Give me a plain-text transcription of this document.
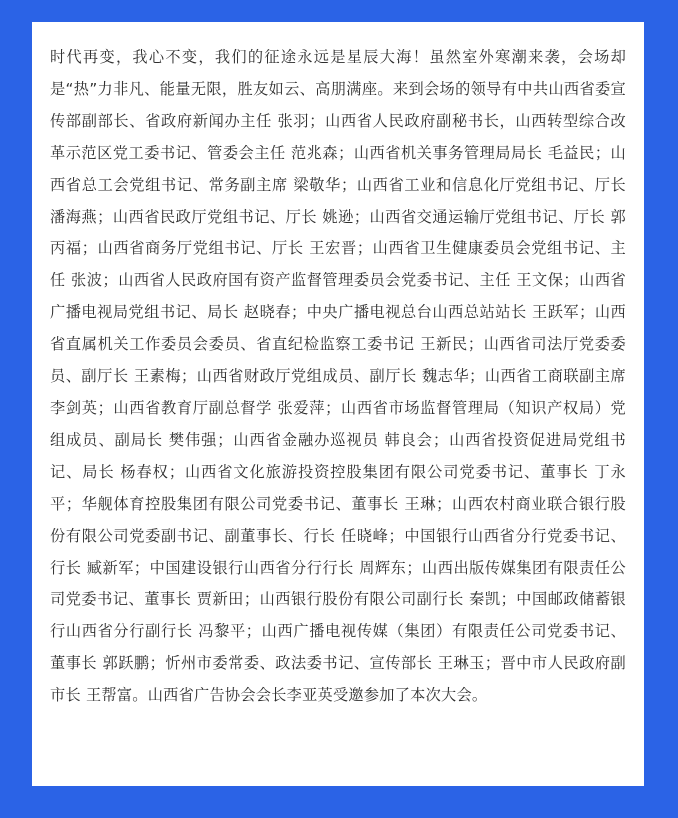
时代再变，我心不变，我们的征途永远是星辰大海！虽然室外寒潮来袭，会场却是“热”力非凡、能量无限，胜友如云、高朋满座。来到会场的领导有中共山西省委宣传部副部长、省政府新闻办主任 张羽；山西省人民政府副秘书长，山西转型综合改革示范区党工委书记、管委会主任 范兆森；山西省机关事务管理局局长 毛益民；山西省总工会党组书记、常务副主席 梁敬华；山西省工业和信息化厅党组书记、厅长 潘海燕；山西省民政厅党组书记、厅长 姚逊；山西省交通运输厅党组书记、厅长 郭丙福；山西省商务厅党组书记、厅长 王宏晋；山西省卫生健康委员会党组书记、主任 张波；山西省人民政府国有资产监督管理委员会党委书记、主任 王文保；山西省广播电视局党组书记、局长 赵晓春；中央广播电视总台山西总站站长 王跃军；山西省直属机关工作委员会委员、省直纪检监察工委书记 王新民；山西省司法厅党委委员、副厅长 王素梅；山西省财政厅党组成员、副厅长 魏志华；山西省工商联副主席 李剑英；山西省教育厅副总督学 张爱萍；山西省市场监督管理局（知识产权局）党组成员、副局长 樊伟强；山西省金融办巡视员 韩良会；山西省投资促进局党组书记、局长 杨春权；山西省文化旅游投资控股集团有限公司党委书记、董事长 丁永平；华舰体育控股集团有限公司党委书记、董事长 王琳；山西农村商业联合银行股份有限公司党委副书记、副董事长、行长 任晓峰；中国银行山西省分行党委书记、行长 臧新军；中国建设银行山西省分行行长 周辉东；山西出版传媒集团有限责任公司党委书记、董事长 贾新田；山西银行股份有限公司副行长 秦凯；中国邮政储蓄银行山西省分行副行长 冯黎平；山西广播电视传媒（集团）有限责任公司党委书记、董事长 郭跃鹏；忻州市委常委、政法委书记、宣传部长 王琳玉；晋中市人民政府副市长 王帮富。山西省广告协会会长李亚英受邀参加了本次大会。
